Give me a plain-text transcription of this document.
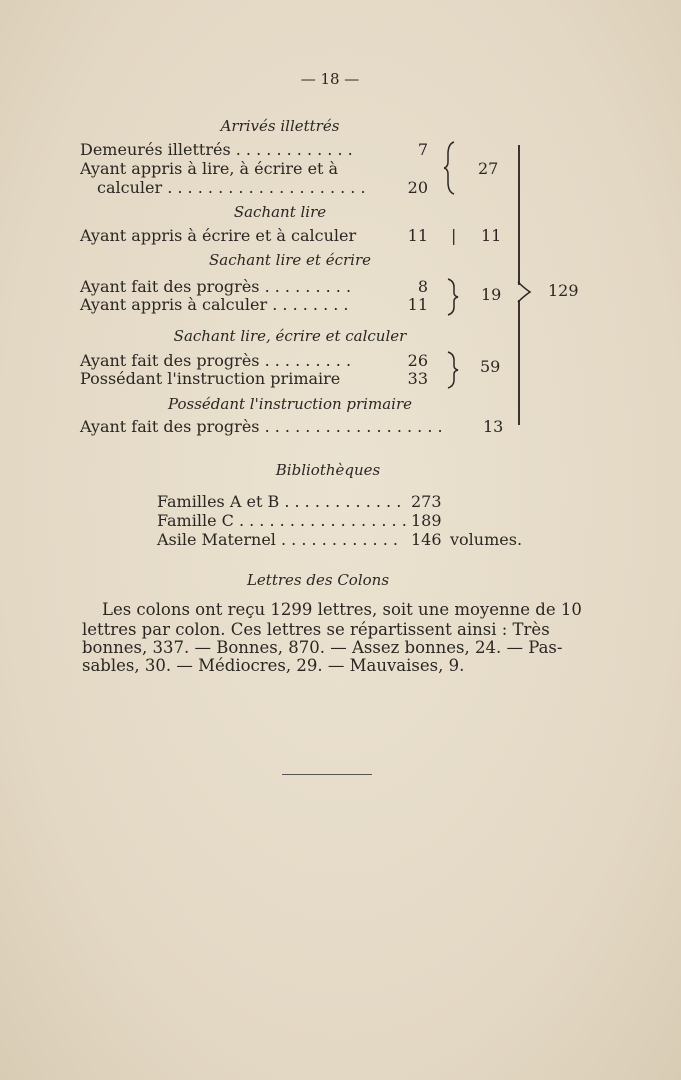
— 18 —
Arrivés illettrés
Demeurés illettrés . . . . . . . . . . . .	7
Ayant appris à lire, à écrire et à
calculer . . . . . . . . . . . . . . . . . . . .	20
27
Sachant lire
Ayant appris à écrire et à calculer	11 | 11
Sachant lire et écrire
Ayant fait des progrès . . . . . . . . .	8
Ayant appris à calculer . . . . . . . .	11
19	129
Sachant lire, écrire et calculer
Ayant fait des progrès . . . . . . . . .	26
Possédant l'instruction primaire	33
59
Possédant l'instruction primaire
Ayant fait des progrès . . . . . . . . . . . . . . . . . .	13
Bibliothèques
Familles A et B . . . . . . . . . . . . 273
Famille C . . . . . . . . . . . . . . . . . 189
Asile Maternel . . . . . . . . . . . . 146 volumes.
Lettres des Colons
Les colons ont reçu 1299 lettres, soit une moyenne de 10
lettres par colon. Ces lettres se répartissent ainsi : Très
bonnes, 337. — Bonnes, 870. — Assez bonnes, 24. — Pas-
sables, 30. — Médiocres, 29. — Mauvaises, 9.
